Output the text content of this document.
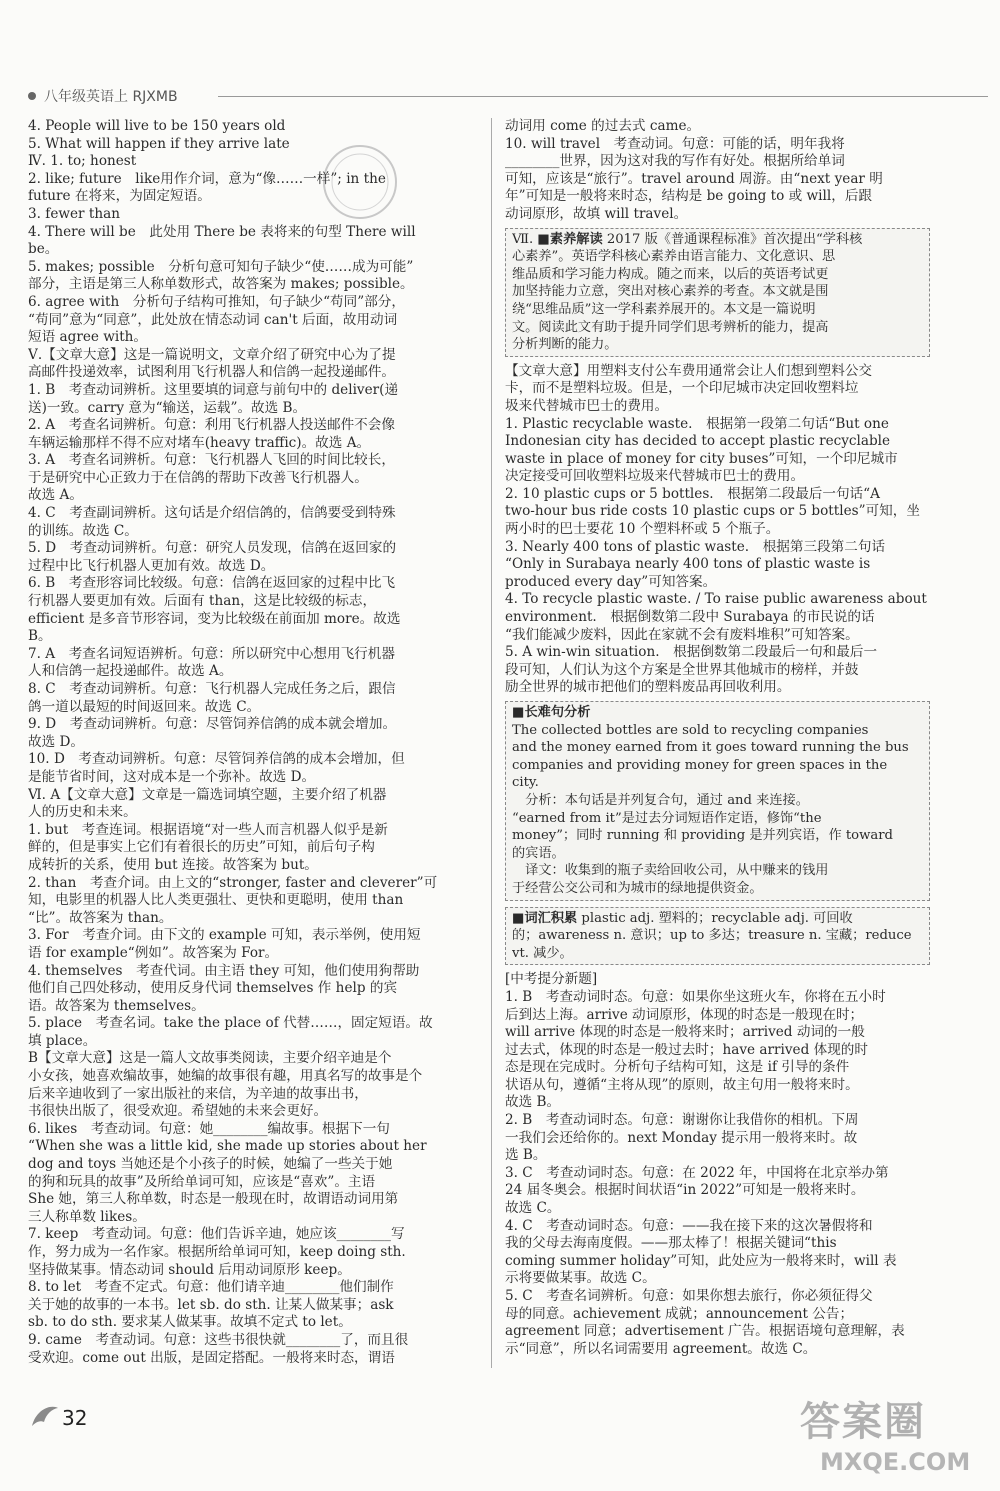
八年级英语上 RJXMB
4. People will live to be 150 years old
5. What will happen if they arrive late
Ⅳ. 1. to; honest
2. like; future　like用作介词，意为“像……一样”; in the
future 在将来，为固定短语。
3. fewer than
4. There will be　此处用 There be 表将来的句型 There will
be。
5. makes; possible　分析句意可知句子缺少“使……成为可能”
部分，主语是第三人称单数形式，故答案为 makes; possible。
6. agree with　分析句子结构可推知，句子缺少“苟同”部分，
“苟同”意为“同意”，此处放在情态动词 can't 后面，故用动词
短语 agree with。
Ⅴ.【文章大意】这是一篇说明文，文章介绍了研究中心为了提
高邮件投递效率，试图利用飞行机器人和信鸽一起投递邮件。
1. B　考查动词辨析。这里要填的词意与前句中的 deliver(递
送)一致。carry 意为“输送，运载”。故选 B。
2. A　考查名词辨析。句意：利用飞行机器人投送邮件不会像
车辆运输那样不得不应对堵车(heavy traffic)。故选 A。
3. A　考查名词辨析。句意：飞行机器人飞回的时间比较长，
于是研究中心正致力于在信鸽的帮助下改善飞行机器人。
故选 A。
4. C　考查副词辨析。这句话是介绍信鸽的，信鸽要受到特殊
的训练。故选 C。
5. D　考查动词辨析。句意：研究人员发现，信鸽在返回家的
过程中比飞行机器人更加有效。故选 D。
6. B　考查形容词比较级。句意：信鸽在返回家的过程中比飞
行机器人要更加有效。后面有 than，这是比较级的标志，
efficient 是多音节形容词，变为比较级在前面加 more。故选
B。
7. A　考查名词短语辨析。句意：所以研究中心想用飞行机器
人和信鸽一起投递邮件。故选 A。
8. C　考查动词辨析。句意：飞行机器人完成任务之后，跟信
鸽一道以最短的时间返回来。故选 C。
9. D　考查动词辨析。句意：尽管饲养信鸽的成本就会增加。
故选 D。
10. D　考查动词辨析。句意：尽管饲养信鸽的成本会增加，但
是能节省时间，这对成本是一个弥补。故选 D。
Ⅵ. A【文章大意】文章是一篇选词填空题，主要介绍了机器
人的历史和未来。
1. but　考查连词。根据语境“对一些人而言机器人似乎是新
鲜的，但是事实上它们有着很长的历史”可知，前后句子构
成转折的关系，使用 but 连接。故答案为 but。
2. than　考查介词。由上文的“stronger, faster and cleverer”可
知，电影里的机器人比人类更强壮、更快和更聪明，使用 than
“比”。故答案为 than。
3. For　考查介词。由下文的 example 可知，表示举例，使用短
语 for example“例如”。故答案为 For。
4. themselves　考查代词。由主语 they 可知，他们使用狗帮助
他们自己四处移动，使用反身代词 themselves 作 help 的宾
语。故答案为 themselves。
5. place　考查名词。take the place of 代替……，固定短语。故
填 place。
B【文章大意】这是一篇人文故事类阅读，主要介绍辛迪是个
小女孩，她喜欢编故事，她编的故事很有趣，用真名写的故事是个
后来辛迪收到了一家出版社的来信，为辛迪的故事出书，
书很快出版了，很受欢迎。希望她的未来会更好。
6. likes　考查动词。句意：她________编故事。根据下一句
“When she was a little kid, she made up stories about her
dog and toys 当她还是个小孩子的时候，她编了一些关于她
的狗和玩具的故事”及所给单词可知，应该是“喜欢”。主语
She 她，第三人称单数，时态是一般现在时，故谓语动词用第
三人称单数 likes。
7. keep　考查动词。句意：他们告诉辛迪，她应该________写
作，努力成为一名作家。根据所给单词可知，keep doing sth.
坚持做某事。情态动词 should 后用动词原形 keep。
8. to let　考查不定式。句意：他们请辛迪________他们制作
关于她的故事的一本书。let sb. do sth. 让某人做某事；ask
sb. to do sth. 要求某人做某事。故填不定式 to let。
9. came　考查动词。句意：这些书很快就________了，而且很
受欢迎。come out 出版，是固定搭配。一般将来时态，谓语
动词用 come 的过去式 came。
10. will travel　考查动词。句意：可能的话，明年我将
________世界，因为这对我的写作有好处。根据所给单词
可知，应该是“旅行”。travel around 周游。由“next year 明
年”可知是一般将来时态，结构是 be going to 或 will，后跟
动词原形，故填 will travel。
Ⅶ. ■素养解读 2017 版《普通课程标准》首次提出“学科核
心素养”。英语学科核心素养由语言能力、文化意识、思
维品质和学习能力构成。随之而来，以后的英语考试更
加坚持能力立意，突出对核心素养的考查。本文就是围
绕“思维品质”这一学科素养展开的。本文是一篇说明
文。阅读此文有助于提升同学们思考辨析的能力，提高
分析判断的能力。
【文章大意】用塑料支付公车费用通常会让人们想到塑料公交
卡，而不是塑料垃圾。但是，一个印尼城市决定回收塑料垃
圾来代替城市巴士的费用。
1. Plastic recyclable waste.　根据第一段第二句话“But one
Indonesian city has decided to accept plastic recyclable
waste in place of money for city buses”可知，一个印尼城市
决定接受可回收塑料垃圾来代替城市巴士的费用。
2. 10 plastic cups or 5 bottles.　根据第二段最后一句话“A
two-hour bus ride costs 10 plastic cups or 5 bottles”可知，坐
两小时的巴士要花 10 个塑料杯或 5 个瓶子。
3. Nearly 400 tons of plastic waste.　根据第三段第二句话
“Only in Surabaya nearly 400 tons of plastic waste is
produced every day”可知答案。
4. To recycle plastic waste. / To raise public awareness about
environment.　根据倒数第二段中 Surabaya 的市民说的话
“我们能减少废料，因此在家就不会有废料堆积”可知答案。
5. A win-win situation.　根据倒数第二段最后一句和最后一
段可知，人们认为这个方案是全世界其他城市的榜样，并鼓
励全世界的城市把他们的塑料废品再回收利用。
■长难句分析
The collected bottles are sold to recycling companies
and the money earned from it goes toward running the bus
companies and providing money for green spaces in the
city.
　分析：本句话是并列复合句，通过 and 来连接。
“earned from it”是过去分词短语作定语，修饰“the
money”；同时 running 和 providing 是并列宾语，作 toward
的宾语。
　译文：收集到的瓶子卖给回收公司，从中赚来的钱用
于经营公交公司和为城市的绿地提供资金。
■词汇积累 plastic adj. 塑料的；recyclable adj. 可回收
的；awareness n. 意识；up to 多达；treasure n. 宝藏；reduce
vt. 减少。
[中考提分新题]
1. B　考查动词时态。句意：如果你坐这班火车，你将在五小时
后到达上海。arrive 动词原形，体现的时态是一般现在时；
will arrive 体现的时态是一般将来时；arrived 动词的一般
过去式，体现的时态是一般过去时；have arrived 体现的时
态是现在完成时。分析句子结构可知，这是 if 引导的条件
状语从句，遵循“主将从现”的原则，故主句用一般将来时。
故选 B。
2. B　考查动词时态。句意：谢谢你让我借你的相机。下周
一我们会还给你的。next Monday 提示用一般将来时。故
选 B。
3. C　考查动词时态。句意：在 2022 年，中国将在北京举办第
24 届冬奥会。根据时间状语“in 2022”可知是一般将来时。
故选 C。
4. C　考查动词时态。句意：——我在接下来的这次暑假将和
我的父母去海南度假。——那太棒了！根据关键词“this
coming summer holiday”可知，此处应为一般将来时，will 表
示将要做某事。故选 C。
5. C　考查名词辨析。句意：如果你想去旅行，你必须征得父
母的同意。achievement 成就；announcement 公告；
agreement 同意；advertisement 广告。根据语境句意理解，表
示“同意”，所以名词需要用 agreement。故选 C。
32	答案圈
MXQE.COM
